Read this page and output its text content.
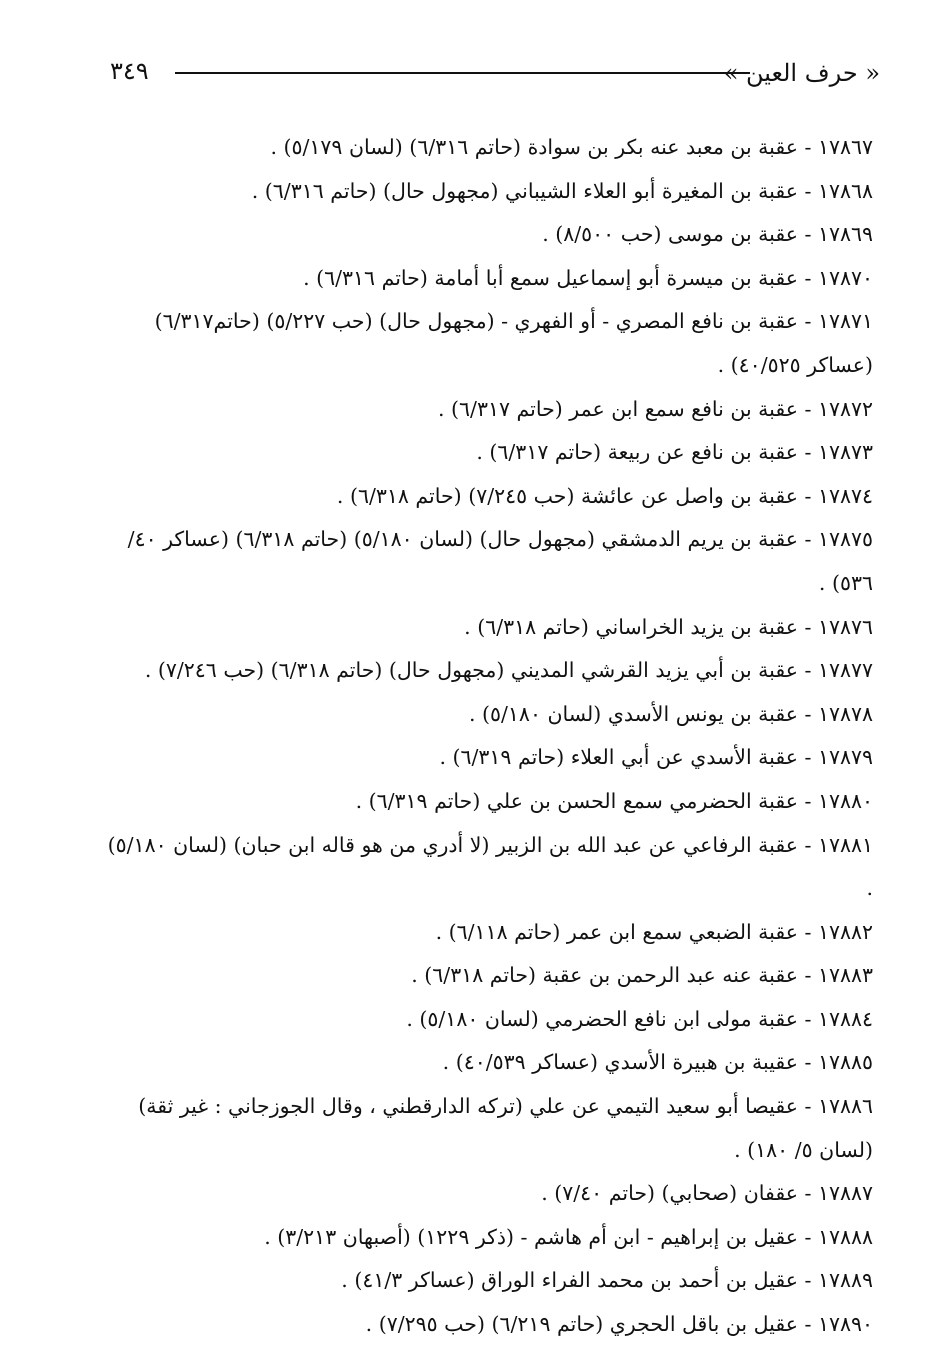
« حرف العين »
٣٤٩
١٧٨٦٧ - عقبة بن معبد عنه بكر بن سوادة (حاتم ٦/٣١٦) (لسان ٥/١٧٩) .
١٧٨٦٨ - عقبة بن المغيرة أبو العلاء الشيباني (مجهول حال) (حاتم ٦/٣١٦) .
١٧٨٦٩ - عقبة بن موسى (حب ٨/٥٠٠) .
١٧٨٧٠ - عقبة بن ميسرة أبو إسماعيل سمع أبا أمامة (حاتم ٦/٣١٦) .
١٧٨٧١ - عقبة بن نافع المصري - أو الفهري - (مجهول حال) (حب ٥/٢٢٧) (حاتم٦/٣١٧) (عساكر ٤٠/٥٢٥) .
١٧٨٧٢ - عقبة بن نافع سمع ابن عمر (حاتم ٦/٣١٧) .
١٧٨٧٣ - عقبة بن نافع عن ربيعة (حاتم ٦/٣١٧) .
١٧٨٧٤ - عقبة بن واصل عن عائشة (حب ٧/٢٤٥) (حاتم ٦/٣١٨) .
١٧٨٧٥ - عقبة بن يريم الدمشقي (مجهول حال) (لسان ٥/١٨٠) (حاتم ٦/٣١٨) (عساكر ٤٠/ ٥٣٦) .
١٧٨٧٦ - عقبة بن يزيد الخراساني (حاتم ٦/٣١٨) .
١٧٨٧٧ - عقبة بن أبي يزيد القرشي المديني (مجهول حال) (حاتم ٦/٣١٨) (حب ٧/٢٤٦) .
١٧٨٧٨ - عقبة بن يونس الأسدي (لسان ٥/١٨٠) .
١٧٨٧٩ - عقبة الأسدي عن أبي العلاء (حاتم ٦/٣١٩) .
١٧٨٨٠ - عقبة الحضرمي سمع الحسن بن علي (حاتم ٦/٣١٩) .
١٧٨٨١ - عقبة الرفاعي عن عبد الله بن الزبير (لا أدري من هو قاله ابن حبان) (لسان ٥/١٨٠) .
١٧٨٨٢ - عقبة الضبعي سمع ابن عمر (حاتم ٦/١١٨) .
١٧٨٨٣ - عقبة عنه عبد الرحمن بن عقبة (حاتم ٦/٣١٨) .
١٧٨٨٤ - عقبة مولى ابن نافع الحضرمي (لسان ٥/١٨٠) .
١٧٨٨٥ - عقيبة بن هبيرة الأسدي (عساكر ٤٠/٥٣٩) .
١٧٨٨٦ - عقيصا أبو سعيد التيمي عن علي (تركه الدارقطني ، وقال الجوزجاني : غير ثقة) (لسان ٥/ ١٨٠) .
١٧٨٨٧ - عقفان (صحابي) (حاتم ٧/٤٠) .
١٧٨٨٨ - عقيل بن إبراهيم - ابن أم هاشم - (ذكر ١٢٢٩) (أصبهان ٣/٢١٣) .
١٧٨٨٩ - عقيل بن أحمد بن محمد الفراء الوراق (عساكر ٤١/٣) .
١٧٨٩٠ - عقيل بن باقل الحجري (حاتم ٦/٢١٩) (حب ٧/٢٩٥) .
